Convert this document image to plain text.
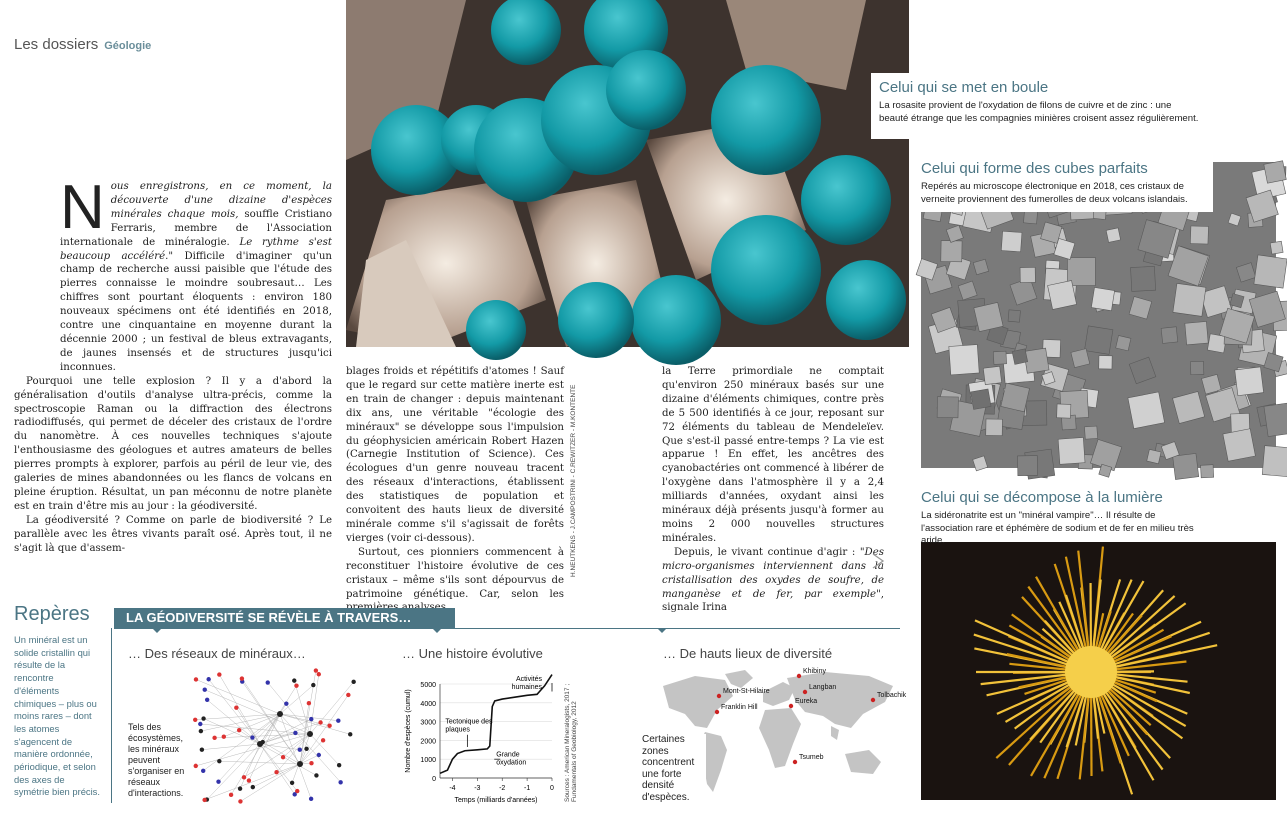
Les dossiers Géologie
Celui qui se met en boule
La rosasite provient de l'oxydation de filons de cuivre et de zinc : une beauté étrange que les compagnies minières croisent assez régulièrement.
Celui qui forme des cubes parfaits
Repérés au microscope électronique en 2018, ces cristaux de verneite proviennent des fumerolles de deux volcans islandais.
Celui qui se décompose à la lumière
La sidéronatrite est un "minéral vampire"… Il résulte de l'association rare et éphémère de sodium et de fer en milieu très aride.

Nous enregistrons, en ce moment, la découverte d'une dizaine d'espèces minérales chaque mois, souffle Cristiano Ferraris, membre de l'Association internationale de minéralogie. Le rythme s'est beaucoup accéléré." Difficile d'imaginer qu'un champ de recherche aussi paisible que l'étude des pierres connaisse le moindre soubresaut… Les chiffres sont pourtant éloquents : environ 180 nouveaux spécimens ont été identifiés en 2018, contre une cinquantaine en moyenne durant la décennie 2000 ; un festival de bleus extravagants, de jaunes insensés et de structures jusqu'ici inconnues.

Pourquoi une telle explosion ? Il y a d'abord la généralisation d'outils d'analyse ultra-précis, comme la spectroscopie Raman ou la diffraction des électrons radiodiffusés, qui permet de déceler des cristaux de l'ordre du nanomètre. À ces nouvelles techniques s'ajoute l'enthousiasme des géologues et autres amateurs de belles pierres prompts à explorer, parfois au péril de leur vie, des galeries de mines abandonnées ou les flancs de volcans en pleine éruption. Résultat, un pan méconnu de notre planète est en train d'être mis au jour : la géodiversité.

La géodiversité ? Comme on parle de biodiversité ? Le parallèle avec les êtres vivants paraît osé. Après tout, il ne s'agit là que d'assem-

blages froids et répétitifs d'atomes ! Sauf que le regard sur cette matière inerte est en train de changer : depuis maintenant dix ans, une véritable "écologie des minéraux" se développe sous l'impulsion du géophysicien américain Robert Hazen (Carnegie Institution of Science). Ces écologues d'un genre nouveau tracent des réseaux d'interactions, établissent des statistiques de population et convoitent des hauts lieux de diversité minérale comme s'il s'agissait de forêts vierges (voir ci-dessous).

Surtout, ces pionniers commencent à reconstituer l'histoire évolutive de ces cristaux – même s'ils sont dépourvus de patrimoine génétique. Car, selon les

H.NEUTKENS - J.CAMPOSTRINI - C.REWITZER - M.KONTENTE

la Terre primordiale ne comptait qu'environ 250 minéraux basés sur une dizaine d'éléments chimiques, contre près de 5 500 identifiés à ce jour, reposant sur 72 éléments du tableau de Mendeleïev. Que s'est-il passé entre-temps ? La vie est apparue ! En effet, les ancêtres des cyanobactéries ont commencé à libérer de l'oxygène dans l'atmosphère il y a 2,4 milliards d'années, oxydant ainsi les minéraux déjà présents jusqu'à former au moins 2 000 nouvelles structures minérales.

Depuis, le vivant continue d'agir : "Des micro-organismes interviennent dans la cristallisation des oxydes de soufre, de manganèse et de fer, par exemple", signale Irina

Repères
Un minéral est un solide cristallin qui résulte de la rencontre d'éléments chimiques – plus ou moins rares – dont les atomes s'agencent de manière ordonnée, périodique, et selon des axes de symétrie bien précis.
LA GÉODIVERSITÉ SE RÉVÈLE À TRAVERS…
… Des réseaux de minéraux…
Tels des écosystèmes, les minéraux peuvent s'organiser en réseaux d'interactions.
… Une histoire évolutive
0
1000
2000
3000
4000
5000
-4	-3	-2	-1	0
Temps (milliards d'années)
Nombre d'espèces (cumul)	Tectonique des plaques
Grande oxydation
Activités humaines	Sources : American Mineralogists, 2017 ; Fundamentals of Geobiology, 2012
… De hauts lieux de diversité
Khibiny
Mont-St-Hilaire
Langban
Franklin Hill
Eureka
Tolbachik
Tsumeb
Certaines zones concentrent une forte densité d'espèces.
